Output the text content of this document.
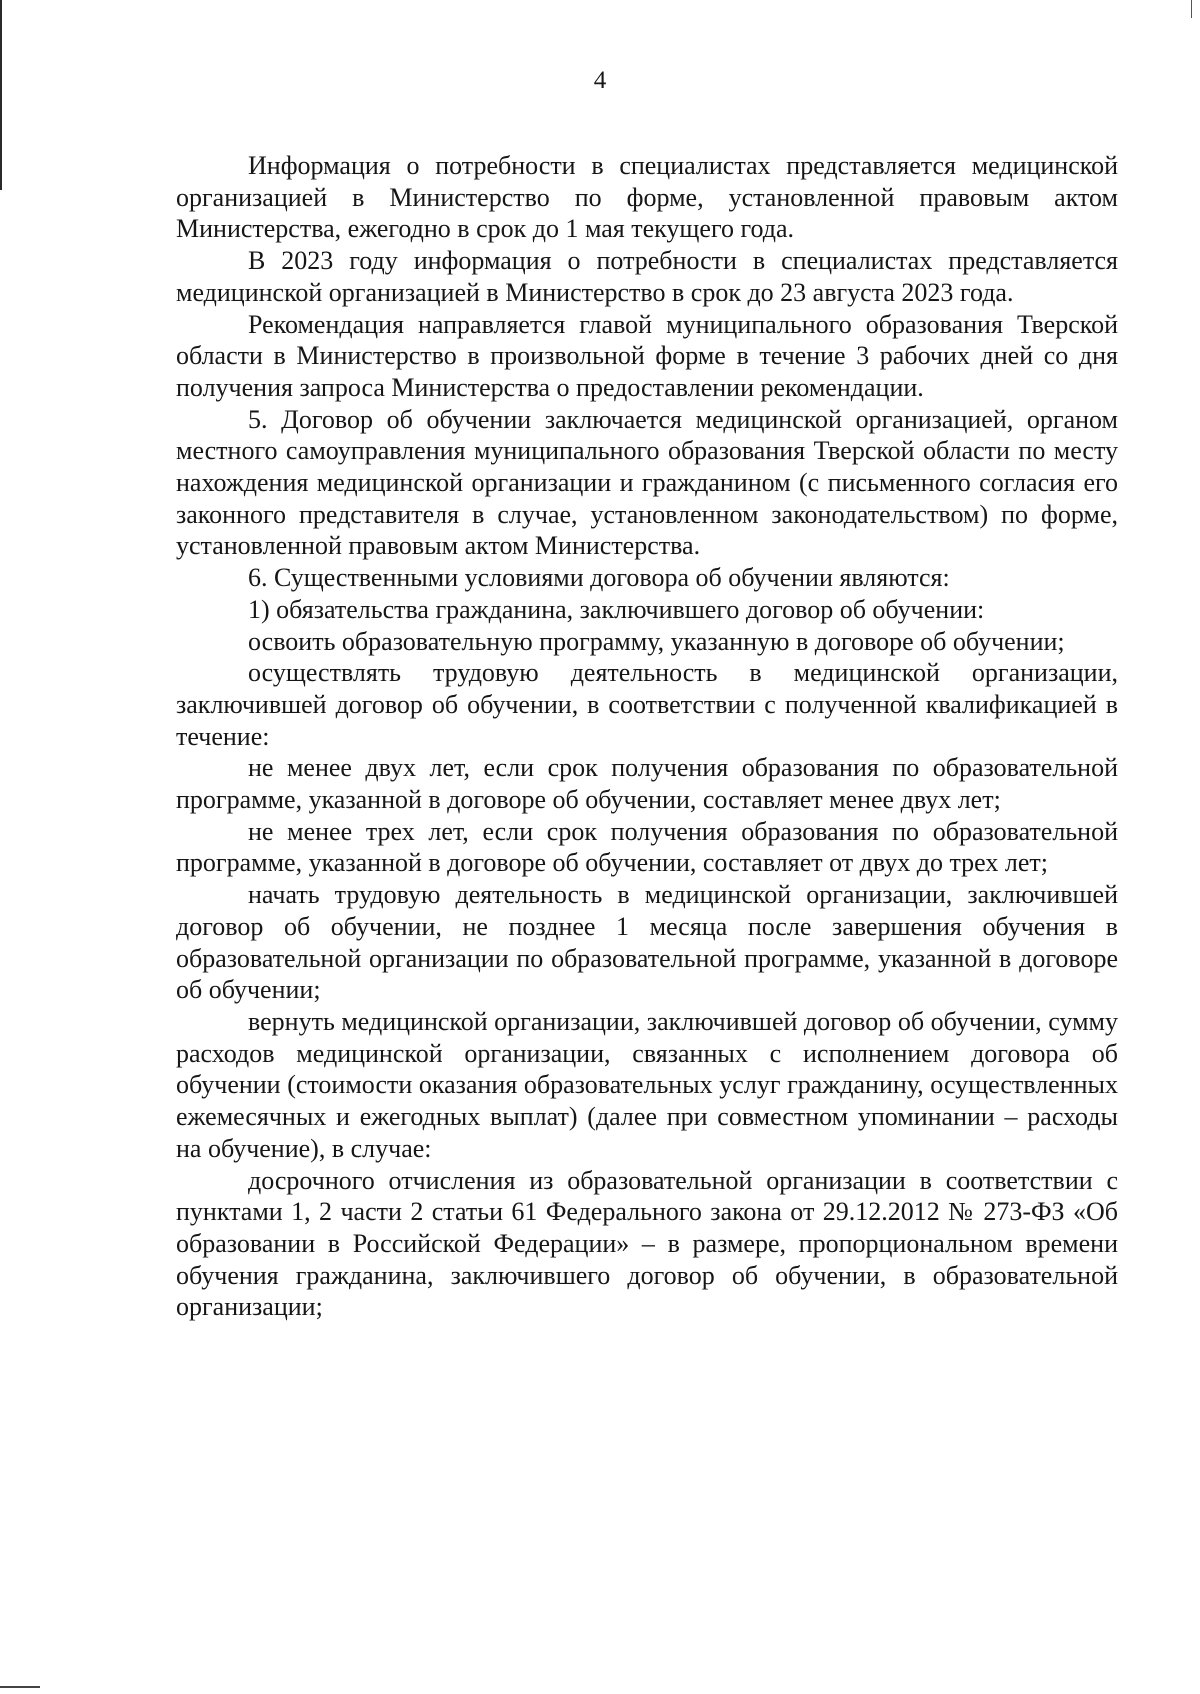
4

Информация о потребности в специалистах представляется медицинской организацией в Министерство по форме, установленной правовым актом Министерства, ежегодно в срок до 1 мая текущего года.

В 2023 году информация о потребности в специалистах представляется медицинской организацией в Министерство в срок до 23 августа 2023 года.

Рекомендация направляется главой муниципального образования Тверской области в Министерство в произвольной форме в течение 3 рабочих дней со дня получения запроса Министерства о предоставлении рекомендации.

5. Договор об обучении заключается медицинской организацией, органом местного самоуправления муниципального образования Тверской области по месту нахождения медицинской организации и гражданином (с письменного согласия его законного представителя в случае, установленном законодательством) по форме, установленной правовым актом Министерства.

6. Существенными условиями договора об обучении являются:

1) обязательства гражданина, заключившего договор об обучении:

освоить образовательную программу, указанную в договоре об обучении;

осуществлять трудовую деятельность в медицинской организации, заключившей договор об обучении, в соответствии с полученной квалификацией в течение:

не менее двух лет, если срок получения образования по образовательной программе, указанной в договоре об обучении, составляет менее двух лет;

не менее трех лет, если срок получения образования по образовательной программе, указанной в договоре об обучении, составляет от двух до трех лет;

начать трудовую деятельность в медицинской организации, заключившей договор об обучении, не позднее 1 месяца после завершения обучения в образовательной организации по образовательной программе, указанной в договоре об обучении;

вернуть медицинской организации, заключившей договор об обучении, сумму расходов медицинской организации, связанных с исполнением договора об обучении (стоимости оказания образовательных услуг гражданину, осуществленных ежемесячных и ежегодных выплат) (далее при совместном упоминании – расходы на обучение), в случае:

досрочного отчисления из образовательной организации в соответствии с пунктами 1, 2 части 2 статьи 61 Федерального закона от 29.12.2012 № 273-ФЗ «Об образовании в Российской Федерации» – в размере, пропорциональном времени обучения гражданина, заключившего договор об обучении, в образовательной организации;
